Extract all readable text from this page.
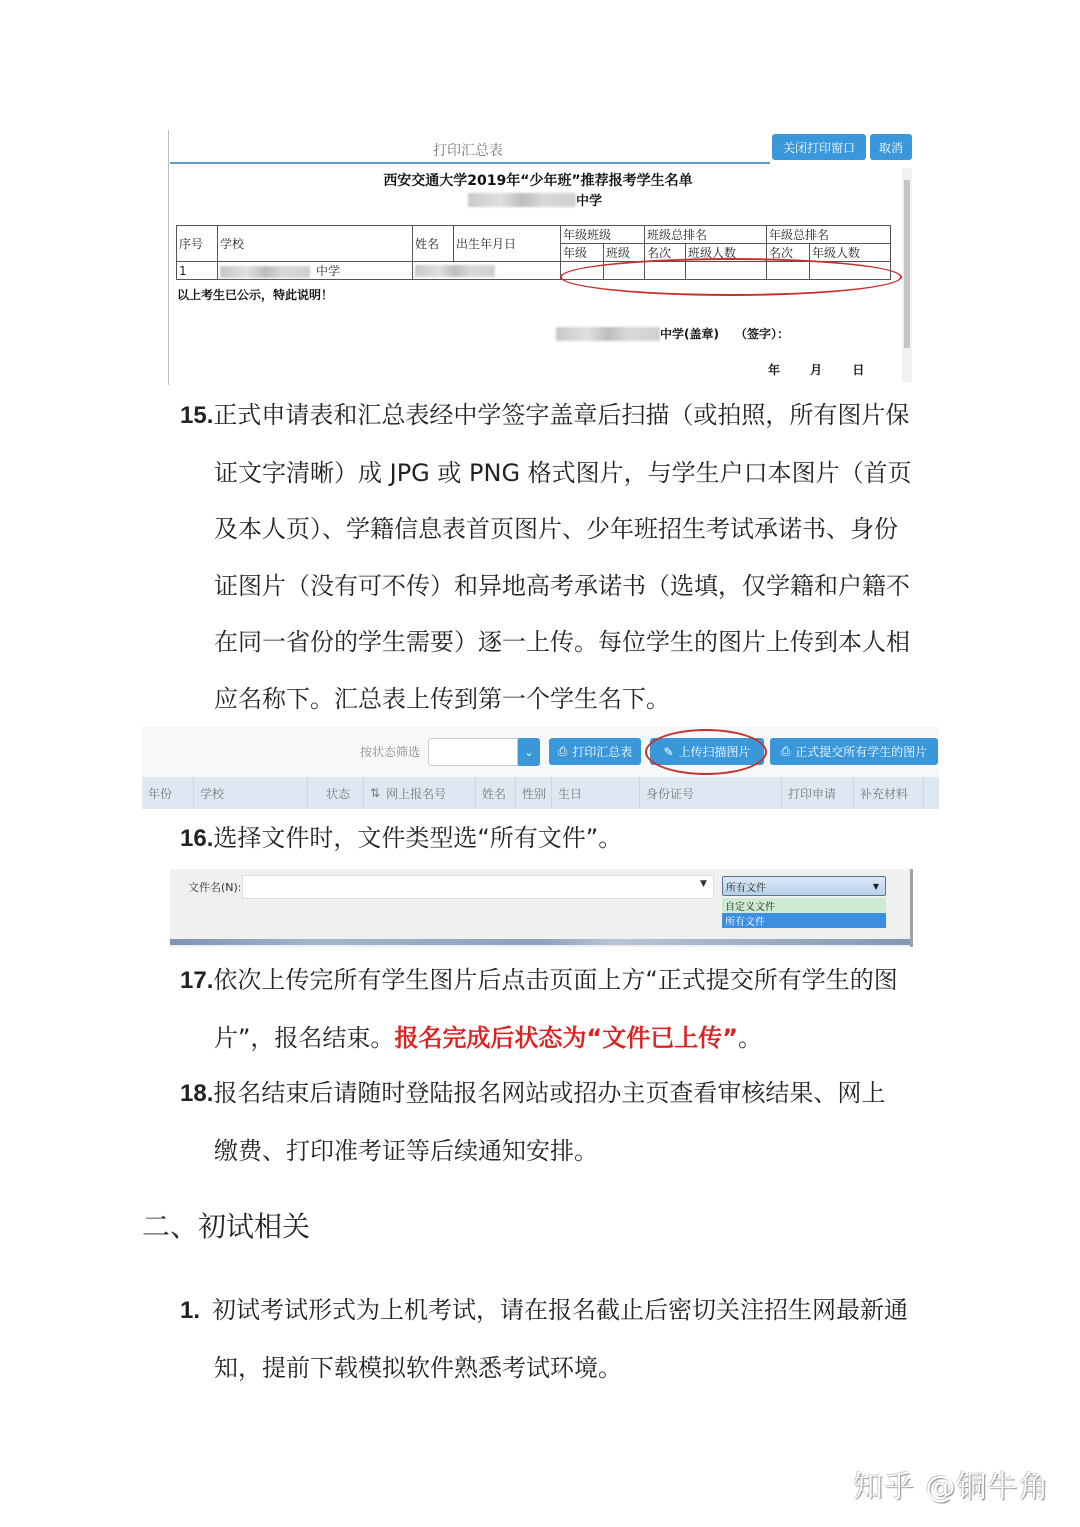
打印汇总表	关闭打印窗口	取消
西安交通大学2019年“少年班”推荐报考学生名单
中学
序号	学校	姓名	出生年月日	年级班级		班级总排名		年级总排名	
				年级	班级	名次	班级人数	名次	年级人数
1	中学								
以上考生已公示，特此说明！
中学(盖章) （签字）：
年 月 日
15.正式申请表和汇总表经中学签字盖章后扫描（或拍照，所有图片保
证文字清晰）成 JPG 或 PNG 格式图片，与学生户口本图片（首页
及本人页）、学籍信息表首页图片、少年班招生考试承诺书、身份
证图片（没有可不传）和异地高考承诺书（选填，仅学籍和户籍不
在同一省份的学生需要）逐一上传。每位学生的图片上传到本人相
应名称下。汇总表上传到第一个学生名下。
按状态筛选	⌄	⎙ 打印汇总表	✎ 上传扫描图片	⎙ 正式提交所有学生的图片
年份	学校	状态	⇅ 网上报名号	姓名	性别 生日	身份证号	打印申请	补充材料
16.选择文件时，文件类型选“所有文件”。
文件名(N):	▼ 所有文件	▼
自定义文件
所有文件
17.依次上传完所有学生图片后点击页面上方“正式提交所有学生的图
片”，报名结束。报名完成后状态为“文件已上传”。
18.报名结束后请随时登陆报名网站或招办主页查看审核结果、网上
缴费、打印准考证等后续通知安排。
二、初试相关
1. 初试考试形式为上机考试，请在报名截止后密切关注招生网最新通
知，提前下载模拟软件熟悉考试环境。
知乎 @铜牛角
